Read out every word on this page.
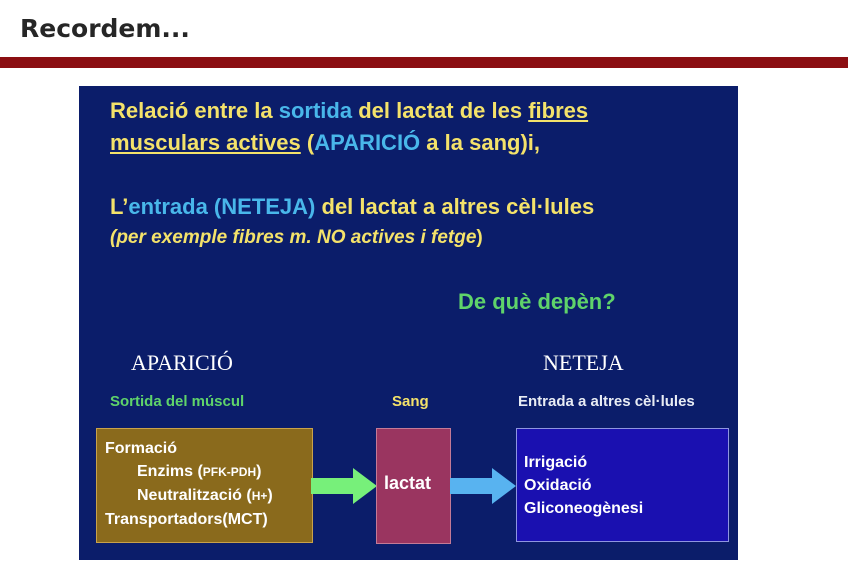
Recordem...
Relació entre la sortida del lactat de les fibres
musculars actives (APARICIÓ a la sang)i,
L’entrada (NETEJA) del lactat a altres cèl·lules
(per exemple fibres m. NO actives i fetge)
De què depèn?
APARICIÓ	NETEJA
Sortida del múscul	Sang	Entrada a altres cèl·lules
Formació
Enzims (PFK-PDH)
Neutralització (H+)
Transportadors(MCT)
lactat
Irrigació
Oxidació
Gliconeogènesi
